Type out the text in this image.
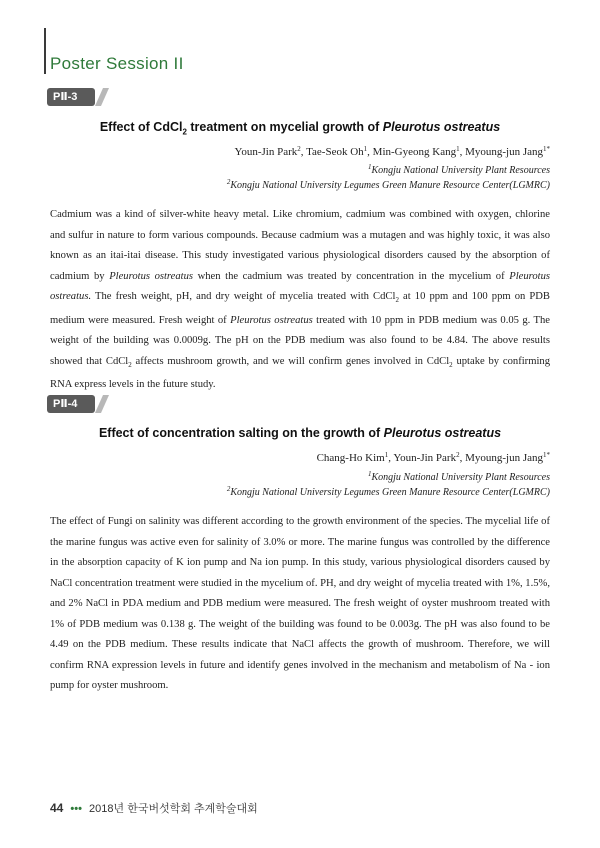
Poster Session II
PⅡ-3
Effect of CdCl$_2$ treatment on mycelial growth of Pleurotus ostreatus
Youn-Jin Park$^2$, Tae-Seok Oh$^1$, Min-Gyeong Kang$^1$, Myoung-jun Jang$^{1*}$
$^1$Kongju National University Plant Resources
$^2$Kongju National University Legumes Green Manure Resource Center(LGMRC)
Cadmium was a kind of silver-white heavy metal. Like chromium, cadmium was combined with oxygen, chlorine and sulfur in nature to form various compounds. Because cadmium was a mutagen and was highly toxic, it was also known as an itai-itai disease. This study investigated various physiological disorders caused by the absorption of cadmium by Pleurotus ostreatus when the cadmium was treated by concentration in the mycelium of Pleurotus ostreatus. The fresh weight, pH, and dry weight of mycelia treated with CdCl$_2$ at 10 ppm and 100 ppm on PDB medium were measured. Fresh weight of Pleurotus ostreatus treated with 10 ppm in PDB medium was 0.05 g. The weight of the building was 0.0009g. The pH on the PDB medium was also found to be 4.84. The above results showed that CdCl$_2$ affects mushroom growth, and we will confirm genes involved in CdCl$_2$ uptake by confirming RNA express levels in the future study.
PⅡ-4
Effect of concentration salting on the growth of Pleurotus ostreatus
Chang-Ho Kim$^1$, Youn-Jin Park$^2$, Myoung-jun Jang$^{1*}$
$^1$Kongju National University Plant Resources
$^2$Kongju National University Legumes Green Manure Resource Center(LGMRC)
The effect of Fungi on salinity was different according to the growth environment of the species. The mycelial life of the marine fungus was active even for salinity of 3.0% or more. The marine fungus was controlled by the difference in the absorption capacity of K ion pump and Na ion pump. In this study, various physiological disorders caused by NaCl concentration treatment were studied in the mycelium of. PH, and dry weight of mycelia treated with 1%, 1.5%, and 2% NaCl in PDA medium and PDB medium were measured. The fresh weight of oyster mushroom treated with 1% of PDB medium was 0.138 g. The weight of the building was found to be 0.003g. The pH was also found to be 4.49 on the PDB medium. These results indicate that NaCl affects the growth of mushroom. Therefore, we will confirm RNA expression levels in future and identify genes involved in the mechanism and metabolism of Na - ion pump for oyster mushroom.
44 ••• 2018년 한국버섯학회 추계학술대회
